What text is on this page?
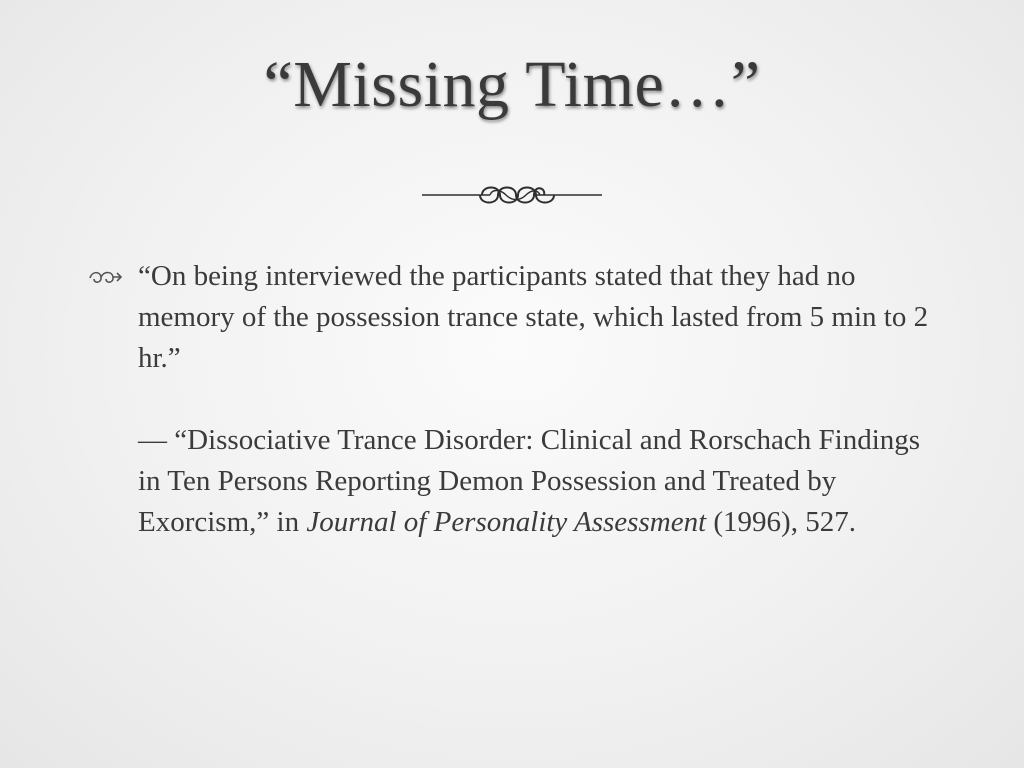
“Missing Time…”

“On being interviewed the participants stated that they had no memory of the possession trance state, which lasted from 5 min to 2 hr.”

— “Dissociative Trance Disorder: Clinical and Rorschach Findings in Ten Persons Reporting Demon Possession and Treated by Exorcism,” in Journal of Personality Assessment (1996), 527.
